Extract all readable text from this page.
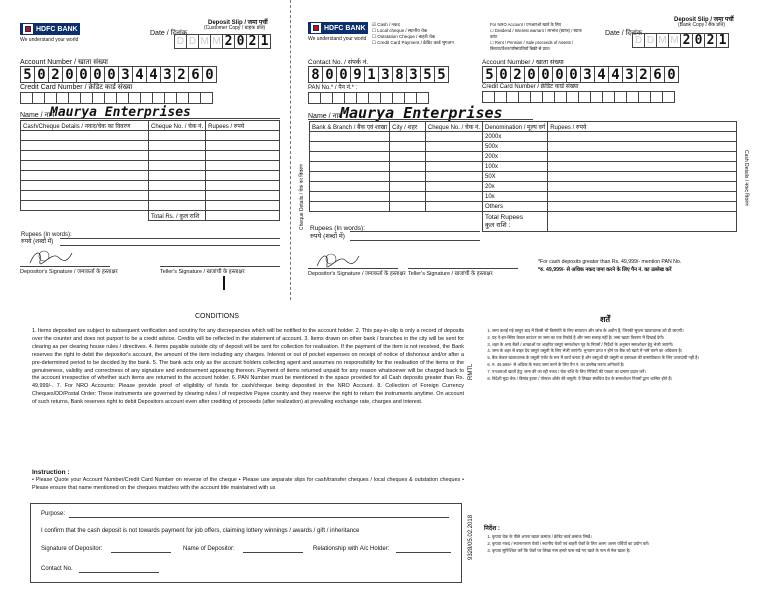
HDFC BANK
We understand your world
Deposit Slip / जमा पर्ची
(Customer Copy / ग्राहक प्रति)
Date / दिनांक
D D M M 2 0 2 1
Account Number / खाता संख्या
5 0 2 0 0 0 0 3 4 4 3 2 6 0
Credit Card Number / क्रेडिट कार्ड संख्या
Name / नाम
Maurya Enterprises
Cash/Cheque Details / नकद/चेक का विवरण	Cheque No. / चेक नं.	Rupees / रुपये

	Total Rs. / कुल राशि	
Rupees (In words):
रुपये (शब्दों में)
Depositor's Signature / जमाकर्ता के हस्ताक्षर	Teller's Signature / खजांची के हस्ताक्षर
HDFC BANK
We understand your world
☑ Cash / नकद
☐ Local cheque / स्थानीय चेक
☐ Outstation Cheque / बाहरी चेक
☐ Credit Card Payment / क्रेडिट कार्ड भुगतान
For NRO Account / एनआरओ खाते के लिए
☐ Dividend / Interest warrant / लाभांश (ब्याज) / ब्याज वारंट
☐ Rent / Pension / Sale proceeds of Assets / किराया/पेंशन/परिसंपत्तियों बिक्री से प्राप्त
Deposit Slip / जमा पर्ची
(Bank Copy / बैंक प्रति)
Date / दिनांक
D D M M 2 0 2 1
Contact No. / संपर्क नं.
8 0 0 9 1 3 8 3 5 5
Account Number / खाता संख्या
5 0 2 0 0 0 0 3 4 4 3 2 6 0
PAN No.* / पैन नं.* :	Credit Card Number / क्रेडिट कार्ड संख्या
Name / नाम
Maurya Enterprises
Cheque Details / चेक का विवरण
Bank & Branch / बैंक एवं शाखा	City / शहर	Cheque No. / चेक नं.

		Denomination / मूल्य वर्ग	Rupees / रुपये
2000x	
500x	
200x	
100x	
50X	
20x	
10x	
Others	
Total Rupees
कुल राशि :	
Cash Details / नकद विवरण
Rupees (In words):
रुपये (शब्दों में)
Depositor's Signature / जमाकर्ता के हस्ताक्षर Teller's Signature / खजांची के हस्ताक्षर
*For cash deposits greater than Rs. 49,999/- mention PAN No.
*रु. 49,999/- से अधिक नकद जमा करने के लिए पैन नं. का उल्लेख करें
CONDITIONS
1. Items deposited are subject to subsequent verification and scrutiny for any discrepancies which will be notified to the account holder. 2. This pay-in-slip is only a record of deposits over the counter and does not purport to be a credit advice. Credits will be reflected in the statement of account. 3. Items drawn on other bank / branches in the city will be sent for clearing as per clearing house rules / directives. 4. Items payable outside city of deposit will be sent for collection for realisation. If the payment of the item is not received, the Bank reserves the right to debit the depositor's account, the amount of the item including any charges. Interest or out of pocket expenses on receipt of notice of dishonour and/or after a pre-determined period to be decided by the bank. 5. The bank acts only as the account holders collecting agent and assumes no responsibility for the realisation of the items or the genuineness, validity and correctness of any signature and endorsement appearing thereon. Payment of items returned unpaid for any reason whatsoever will be charged back to the account irrespective of whether such items are returned to the account holder. 6. PAN Number must be mentioned in the space provided for all Cash deposits greater than Rs. 49,999/-. 7. For NRO Accounts: Please provide proof of eligibility of funds for cash/cheque being deposited in the NRO Account. 8. Collection of Foreign Currency Cheques/DD/Postal Order: These instruments are governed by clearing rules / of respective Payee country and they reserve the right to return the instruments anytime. On account of such returns, Bank reserves right to debit Depositors account even after crediting of proceeds (after realization) at prevailing exchange rate, charges and interest.
Instruction :
• Please Quote your Account Number/Credit Card Number on reverse of the cheque • Please use separate slips for cash/transfer cheques / local cheques & outstation cheques • Please ensure that name mentioned on the cheques matches with the account title maintained with us
Purpose:
I confirm that the cash deposit is not towards payment for job offers, claiming lottery winnings / awards / gift / inheritance
Signature of Depositor:	Name of Depositor:	Relationship with A/c Holder:
Contact No.
9328/05.02.2018
RMTL
शर्तें
1. जमा कराई गई वस्तुएं बाद में किसी भी विसंगति के लिए सत्यापन और जांच के अधीन हैं, जिनकी सूचना खाताधारक को दी जाएगी।
2. यह पे-इन-स्लिप केवल काउंटर पर जमा का एक रिकॉर्ड है और जमा सलाह नहीं है। जमा खाता विवरण में दिखाई देगी।
3. शहर के अन्य बैंकों / शाखाओं पर आहरित वस्तुएं समाशोधन गृह के नियमों / निर्देशों के अनुसार समाशोधन हेतु भेजी जाएंगी।
4. जमा के शहर से बाहर देय वस्तुएं वसूली के लिए भेजी जाएंगी। भुगतान प्राप्त न होने पर बैंक को खाते में नामे करने का अधिकार है।
5. बैंक केवल खाताधारक के वसूली एजेंट के रूप में कार्य करता है और वस्तुओं की वसूली या हस्ताक्षर की वास्तविकता के लिए उत्तरदायी नहीं है।
6. रु. 49,999/- से अधिक के नकद जमा करने के लिए पैन नं. का उल्लेख करना अनिवार्य है।
7. एनआरओ खातों हेतु: जमा की जा रही नकद / चेक राशि के लिए निधियों की पात्रता का प्रमाण प्रदान करें।
8. विदेशी मुद्रा चेक / डिमांड ड्राफ्ट / पोस्टल ऑर्डर की वसूली: ये लिखत संबंधित देश के समाशोधन नियमों द्वारा शासित होते हैं।
निर्देश :
1. कृपया चेक के पीछे अपना खाता क्रमांक / क्रेडिट कार्ड क्रमांक लिखें।
2. कृपया नकद / स्थानान्तरण चेकों / स्थानीय चेकों एवं बाहरी चेकों के लिए अलग अलग पर्चियों का प्रयोग करें।
3. कृपया सुनिश्चित करें कि चेकों पर लिखा नाम हमारे पास रखे गए खाते के नाम से मेल खाता है।
